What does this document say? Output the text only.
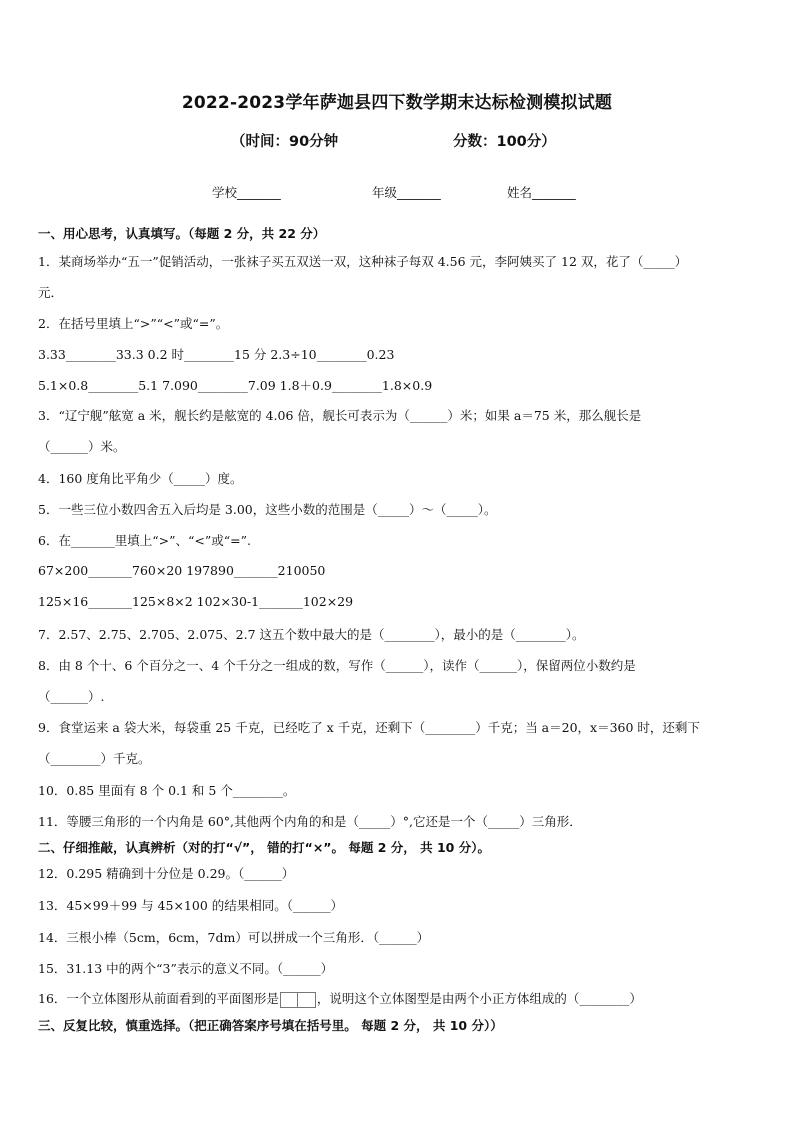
2022-2023学年萨迦县四下数学期末达标检测模拟试题
（时间：90分钟	分数：100分）
学校_______	年级_______	姓名_______
一、用心思考，认真填写。（每题 2 分，共 22 分）
1．某商场举办“五一”促销活动，一张袜子买五双送一双，这种袜子每双 4.56 元，李阿姨买了 12 双，花了（_____）
元．
2．在括号里填上“>”“<”或“=”。
3.33________33.3 0.2 时________15 分 2.3÷10________0.23
5.1×0.8________5.1 7.090________7.09 1.8＋0.9________1.8×0.9
3．“辽宁舰”舷宽 a 米，舰长约是舷宽的 4.06 倍，舰长可表示为（______）米；如果 a＝75 米，那么舰长是
（______）米。
4．160 度角比平角少（_____）度。
5．一些三位小数四舍五入后均是 3.00，这些小数的范围是（_____）～（_____）。
6．在_______里填上“>”、“<”或“=”.
67×200_______760×20 197890_______210050
125×16_______125×8×2 102×30-1_______102×29
7．2.57、2.75、2.705、2.075、2.7 这五个数中最大的是（________），最小的是（________）。
8．由 8 个十、6 个百分之一、4 个千分之一组成的数，写作（______），读作（______），保留两位小数约是
（______）.
9．食堂运来 a 袋大米，每袋重 25 千克，已经吃了 x 千克，还剩下（________）千克；当 a＝20，x＝360 时，还剩下
（________）千克。
10．0.85 里面有 8 个 0.1 和 5 个________。
11．等腰三角形的一个内角是 60°,其他两个内角的和是（_____）°,它还是一个（_____）三角形．
二、仔细推敲，认真辨析（对的打“√”， 错的打“×”。 每题 2 分， 共 10 分）。
12．0.295 精确到十分位是 0.29。（______）
13．45×99＋99 与 45×100 的结果相同。（______）
14．三根小棒（5cm，6cm，7dm）可以拼成一个三角形．（______）
15．31.13 中的两个“3”表示的意义不同。（______）
16．一个立体图形从前面看到的平面图形是	，说明这个立体图型是由两个小正方体组成的（________）
三、反复比较，慎重选择。（把正确答案序号填在括号里。 每题 2 分， 共 10 分））
